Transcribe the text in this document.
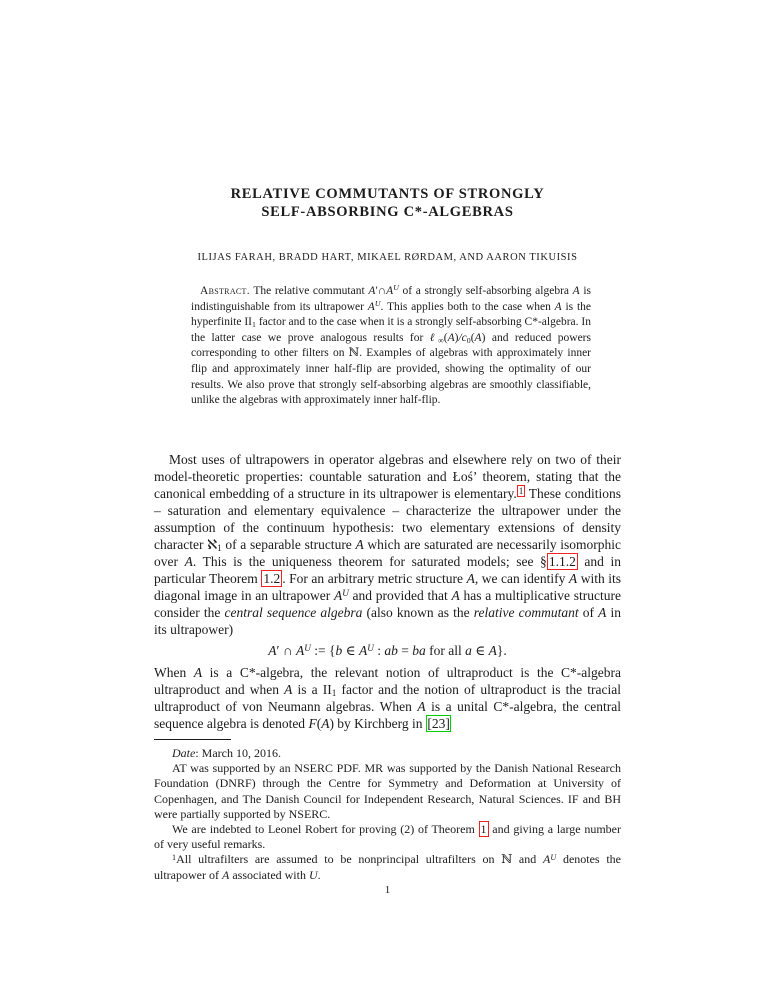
RELATIVE COMMUTANTS OF STRONGLY
SELF-ABSORBING C*-ALGEBRAS
ILIJAS FARAH, BRADD HART, MIKAEL RØRDAM, AND AARON TIKUISIS
Abstract. The relative commutant $A'\cap A^U$ of a strongly self-absorbing algebra A is indistinguishable from its ultrapower $A^U$. This applies both to the case when A is the hyperfinite II1 factor and to the case when it is a strongly self-absorbing C*-algebra. In the latter case we prove analogous results for ℓ∞(A)/c0(A) and reduced powers corresponding to other filters on ℕ. Examples of algebras with approximately inner flip and approximately inner half-flip are provided, showing the optimality of our results. We also prove that strongly self-absorbing algebras are smoothly classifiable, unlike the algebras with approximately inner half-flip.

Most uses of ultrapowers in operator algebras and elsewhere rely on two of their model-theoretic properties: countable saturation and Łoś’ theorem, stating that the canonical embedding of a structure in its ultrapower is elementary. $^1$ These conditions – saturation and elementary equivalence – characterize the ultrapower under the assumption of the continuum hypothesis: two elementary extensions of density character ℵ1 of a separable structure A which are saturated are necessarily isomorphic over A. This is the uniqueness theorem for saturated models; see § 1.1.2 and in particular Theorem 1.2 . For an arbitrary metric structure A, we can identify A with its diagonal image in an ultrapower $A^U$ and provided that A has a multiplicative structure consider the central sequence algebra (also known as the relative commutant of A in its ultrapower)

A′ ∩ $A^U$ := {b ∈ $A^U$ : ab = ba for all a ∈ A}.

When A is a C*-algebra, the relevant notion of ultraproduct is the C*-algebra ultraproduct and when A is a II1 factor and the notion of ultraproduct is the tracial ultraproduct of von Neumann algebras. When A is a unital C*-algebra, the central sequence algebra is denoted F(A) by Kirchberg in [23]

Date: March 10, 2016.

AT was supported by an NSERC PDF. MR was supported by the Danish National Research Foundation (DNRF) through the Centre for Symmetry and Deformation at University of Copenhagen, and The Danish Council for Independent Research, Natural Sciences. IF and BH were partially supported by NSERC.

We are indebted to Leonel Robert for proving (2) of Theorem 1 and giving a large number of very useful remarks.

$^1$All ultrafilters are assumed to be nonprincipal ultrafilters on ℕ and $A^U$ denotes the ultrapower of A associated with U.

1
